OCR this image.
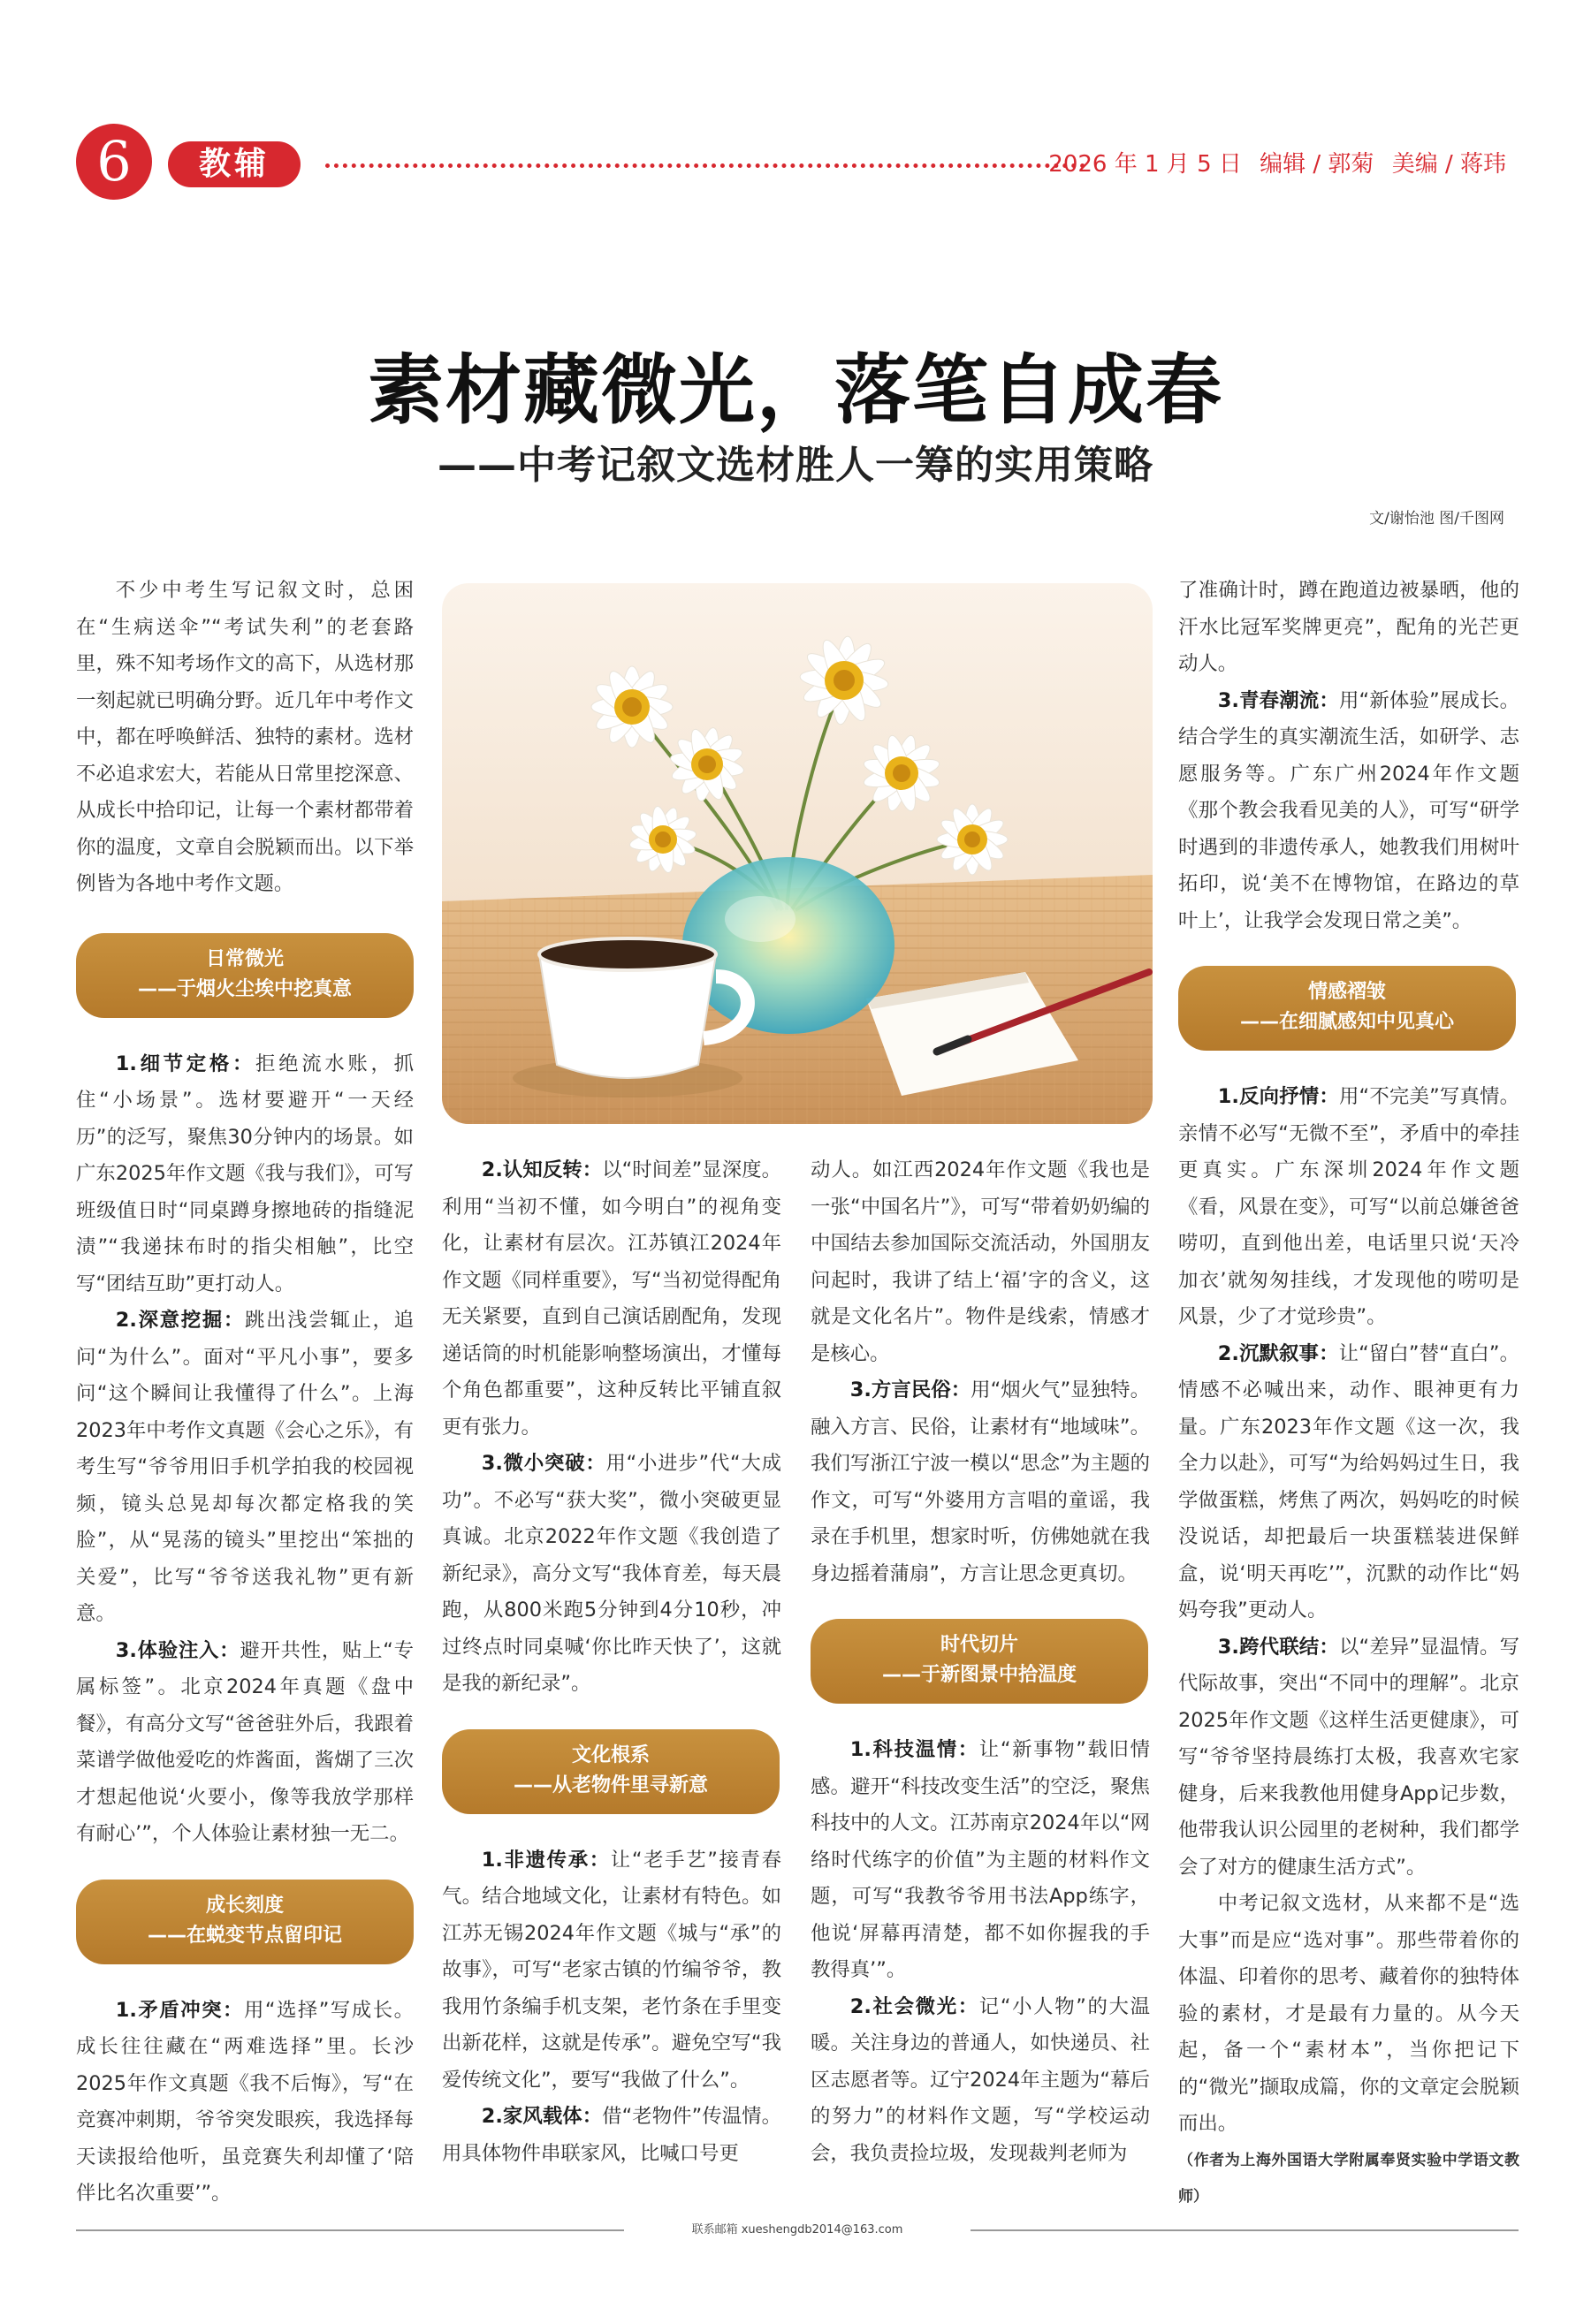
6	教辅	2026 年 1 月 5 日 编辑 / 郭菊 美编 / 蒋玮
素材藏微光，落笔自成春
——中考记叙文选材胜人一筹的实用策略
文/谢怡池 图/千图网

不少中考生写记叙文时，总困在“生病送伞”“考试失利”的老套路里，殊不知考场作文的高下，从选材那一刻起就已明确分野。近几年中考作文中，都在呼唤鲜活、独特的素材。选材不必追求宏大，若能从日常里挖深意、从成长中拾印记，让每一个素材都带着你的温度，文章自会脱颖而出。以下举例皆为各地中考作文题。

日常微光
——于烟火尘埃中挖真意

1.细节定格：拒绝流水账，抓住“小场景”。选材要避开“一天经历”的泛写，聚焦30分钟内的场景。如广东2025年作文题《我与我们》，可写班级值日时“同桌蹲身擦地砖的指缝泥渍”“我递抹布时的指尖相触”，比空写“团结互助”更打动人。

2.深意挖掘：跳出浅尝辄止，追问“为什么”。面对“平凡小事”，要多问“这个瞬间让我懂得了什么”。上海2023年中考作文真题《会心之乐》，有考生写“爷爷用旧手机学拍我的校园视频，镜头总晃却每次都定格我的笑脸”，从“晃荡的镜头”里挖出“笨拙的关爱”，比写“爷爷送我礼物”更有新意。

3.体验注入：避开共性，贴上“专属标签”。北京2024年真题《盘中餐》，有高分文写“爸爸驻外后，我跟着菜谱学做他爱吃的炸酱面，酱煳了三次才想起他说‘火要小，像等我放学那样有耐心’”，个人体验让素材独一无二。

成长刻度
——在蜕变节点留印记

1.矛盾冲突：用“选择”写成长。成长往往藏在“两难选择”里。长沙2025年作文真题《我不后悔》，写“在竞赛冲刺期，爷爷突发眼疾，我选择每天读报给他听，虽竞赛失利却懂了‘陪伴比名次重要’”。

2.认知反转：以“时间差”显深度。利用“当初不懂，如今明白”的视角变化，让素材有层次。江苏镇江2024年作文题《同样重要》，写“当初觉得配角无关紧要，直到自己演话剧配角，发现递话筒的时机能影响整场演出，才懂每个角色都重要”，这种反转比平铺直叙更有张力。

3.微小突破：用“小进步”代“大成功”。不必写“获大奖”，微小突破更显真诚。北京2022年作文题《我创造了新纪录》，高分文写“我体育差，每天晨跑，从800米跑5分钟到4分10秒，冲过终点时同桌喊‘你比昨天快了’，这就是我的新纪录”。

文化根系
——从老物件里寻新意

1.非遗传承：让“老手艺”接青春气。结合地域文化，让素材有特色。如江苏无锡2024年作文题《城与“承”的故事》，可写“老家古镇的竹编爷爷，教我用竹条编手机支架，老竹条在手里变出新花样，这就是传承”。避免空写“我爱传统文化”，要写“我做了什么”。

2.家风载体：借“老物件”传温情。用具体物件串联家风，比喊口号更

动人。如江西2024年作文题《我也是一张“中国名片”》，可写“带着奶奶编的中国结去参加国际交流活动，外国朋友问起时，我讲了结上‘福’字的含义，这就是文化名片”。物件是线索，情感才是核心。

3.方言民俗：用“烟火气”显独特。融入方言、民俗，让素材有“地域味”。我们写浙江宁波一模以“思念”为主题的作文，可写“外婆用方言唱的童谣，我录在手机里，想家时听，仿佛她就在我身边摇着蒲扇”，方言让思念更真切。

时代切片
——于新图景中拾温度

1.科技温情：让“新事物”载旧情感。避开“科技改变生活”的空泛，聚焦科技中的人文。江苏南京2024年以“网络时代练字的价值”为主题的材料作文题，可写“我教爷爷用书法App练字，他说‘屏幕再清楚，都不如你握我的手教得真’”。

2.社会微光：记“小人物”的大温暖。关注身边的普通人，如快递员、社区志愿者等。辽宁2024年主题为“幕后的努力”的材料作文题，写“学校运动会，我负责捡垃圾，发现裁判老师为

了准确计时，蹲在跑道边被暴晒，他的汗水比冠军奖牌更亮”，配角的光芒更动人。

3.青春潮流：用“新体验”展成长。结合学生的真实潮流生活，如研学、志愿服务等。广东广州2024年作文题《那个教会我看见美的人》，可写“研学时遇到的非遗传承人，她教我们用树叶拓印，说‘美不在博物馆，在路边的草叶上’，让我学会发现日常之美”。

情感褶皱
——在细腻感知中见真心

1.反向抒情：用“不完美”写真情。亲情不必写“无微不至”，矛盾中的牵挂更真实。广东深圳2024年作文题《看，风景在变》，可写“以前总嫌爸爸唠叨，直到他出差，电话里只说‘天冷加衣’就匆匆挂线，才发现他的唠叨是风景，少了才觉珍贵”。

2.沉默叙事：让“留白”替“直白”。情感不必喊出来，动作、眼神更有力量。广东2023年作文题《这一次，我全力以赴》，可写“为给妈妈过生日，我学做蛋糕，烤焦了两次，妈妈吃的时候没说话，却把最后一块蛋糕装进保鲜盒，说‘明天再吃’”，沉默的动作比“妈妈夸我”更动人。

3.跨代联结：以“差异”显温情。写代际故事，突出“不同中的理解”。北京2025年作文题《这样生活更健康》，可写“爷爷坚持晨练打太极，我喜欢宅家健身，后来我教他用健身App记步数，他带我认识公园里的老树种，我们都学会了对方的健康生活方式”。

中考记叙文选材，从来都不是“选大事”而是应“选对事”。那些带着你的体温、印着你的思考、藏着你的独特体验的素材，才是最有力量的。从今天起，备一个“素材本”，当你把记下的“微光”撷取成篇，你的文章定会脱颖而出。

（作者为上海外国语大学附属奉贤实验中学语文教师）

联系邮箱 xueshengdb2014@163.com
